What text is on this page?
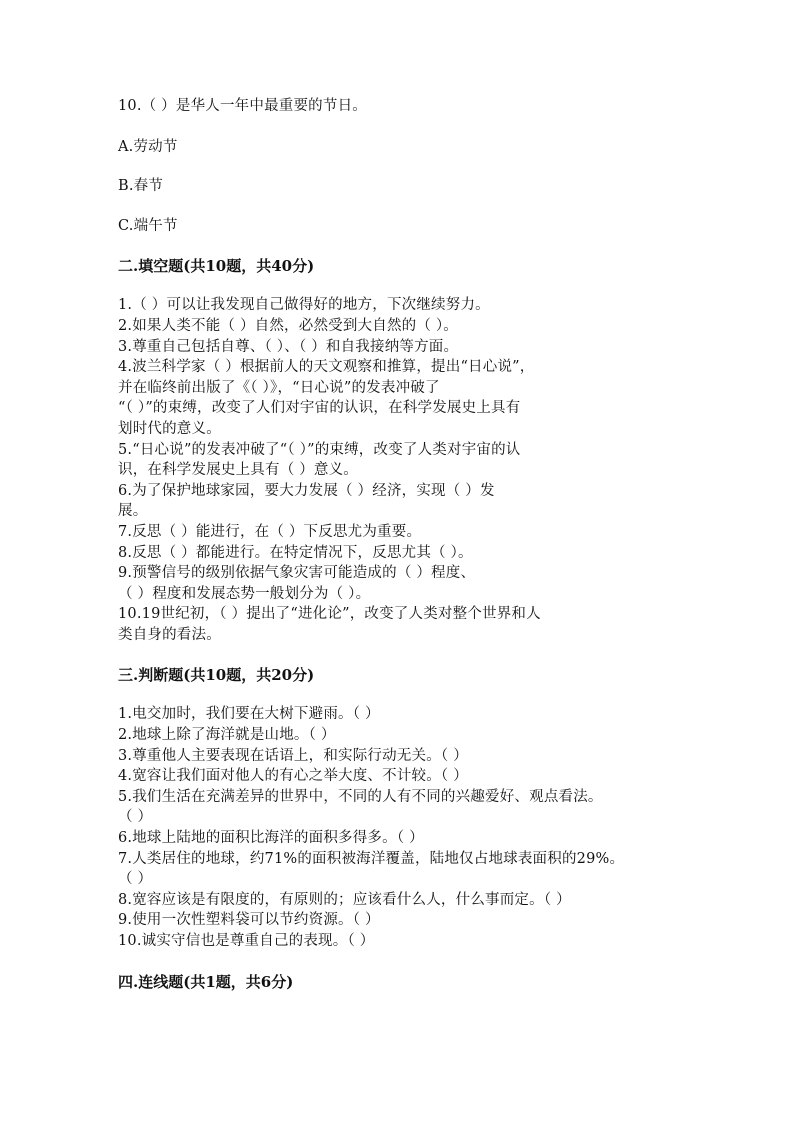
10.（ ）是华人一年中最重要的节日。
A.劳动节
B.春节
C.端午节
二.填空题(共10题，共40分)
1.（ ）可以让我发现自己做得好的地方，下次继续努力。
2.如果人类不能（ ）自然，必然受到大自然的（ ）。
3.尊重自己包括自尊、（ ）、（ ）和自我接纳等方面。
4.波兰科学家（ ）根据前人的天文观察和推算，提出“日心说”，
并在临终前出版了《（ ）》，“日心说”的发表冲破了
“（ ）”的束缚，改变了人们对宇宙的认识，在科学发展史上具有
划时代的意义。
5.“日心说”的发表冲破了“（ ）”的束缚，改变了人类对宇宙的认
识，在科学发展史上具有（ ）意义。
6.为了保护地球家园，要大力发展（ ）经济，实现（ ）发
展。
7.反思（ ）能进行，在（ ）下反思尤为重要。
8.反思（ ）都能进行。在特定情况下，反思尤其（ ）。
9.预警信号的级别依据气象灾害可能造成的（ ）程度、
（ ）程度和发展态势一般划分为（ ）。
10.19世纪初，（ ）提出了“进化论”，改变了人类对整个世界和人
类自身的看法。
三.判断题(共10题，共20分)
1.电交加时，我们要在大树下避雨。（ ）
2.地球上除了海洋就是山地。（ ）
3.尊重他人主要表现在话语上，和实际行动无关。（ ）
4.宽容让我们面对他人的有心之举大度、不计较。（ ）
5.我们生活在充满差异的世界中，不同的人有不同的兴趣爱好、观点看法。
（ ）
6.地球上陆地的面积比海洋的面积多得多。（ ）
7.人类居住的地球，约71%的面积被海洋覆盖，陆地仅占地球表面积的29%。
（ ）
8.宽容应该是有限度的，有原则的；应该看什么人，什么事而定。（ ）
9.使用一次性塑料袋可以节约资源。（ ）
10.诚实守信也是尊重自己的表现。（ ）
四.连线题(共1题，共6分)
